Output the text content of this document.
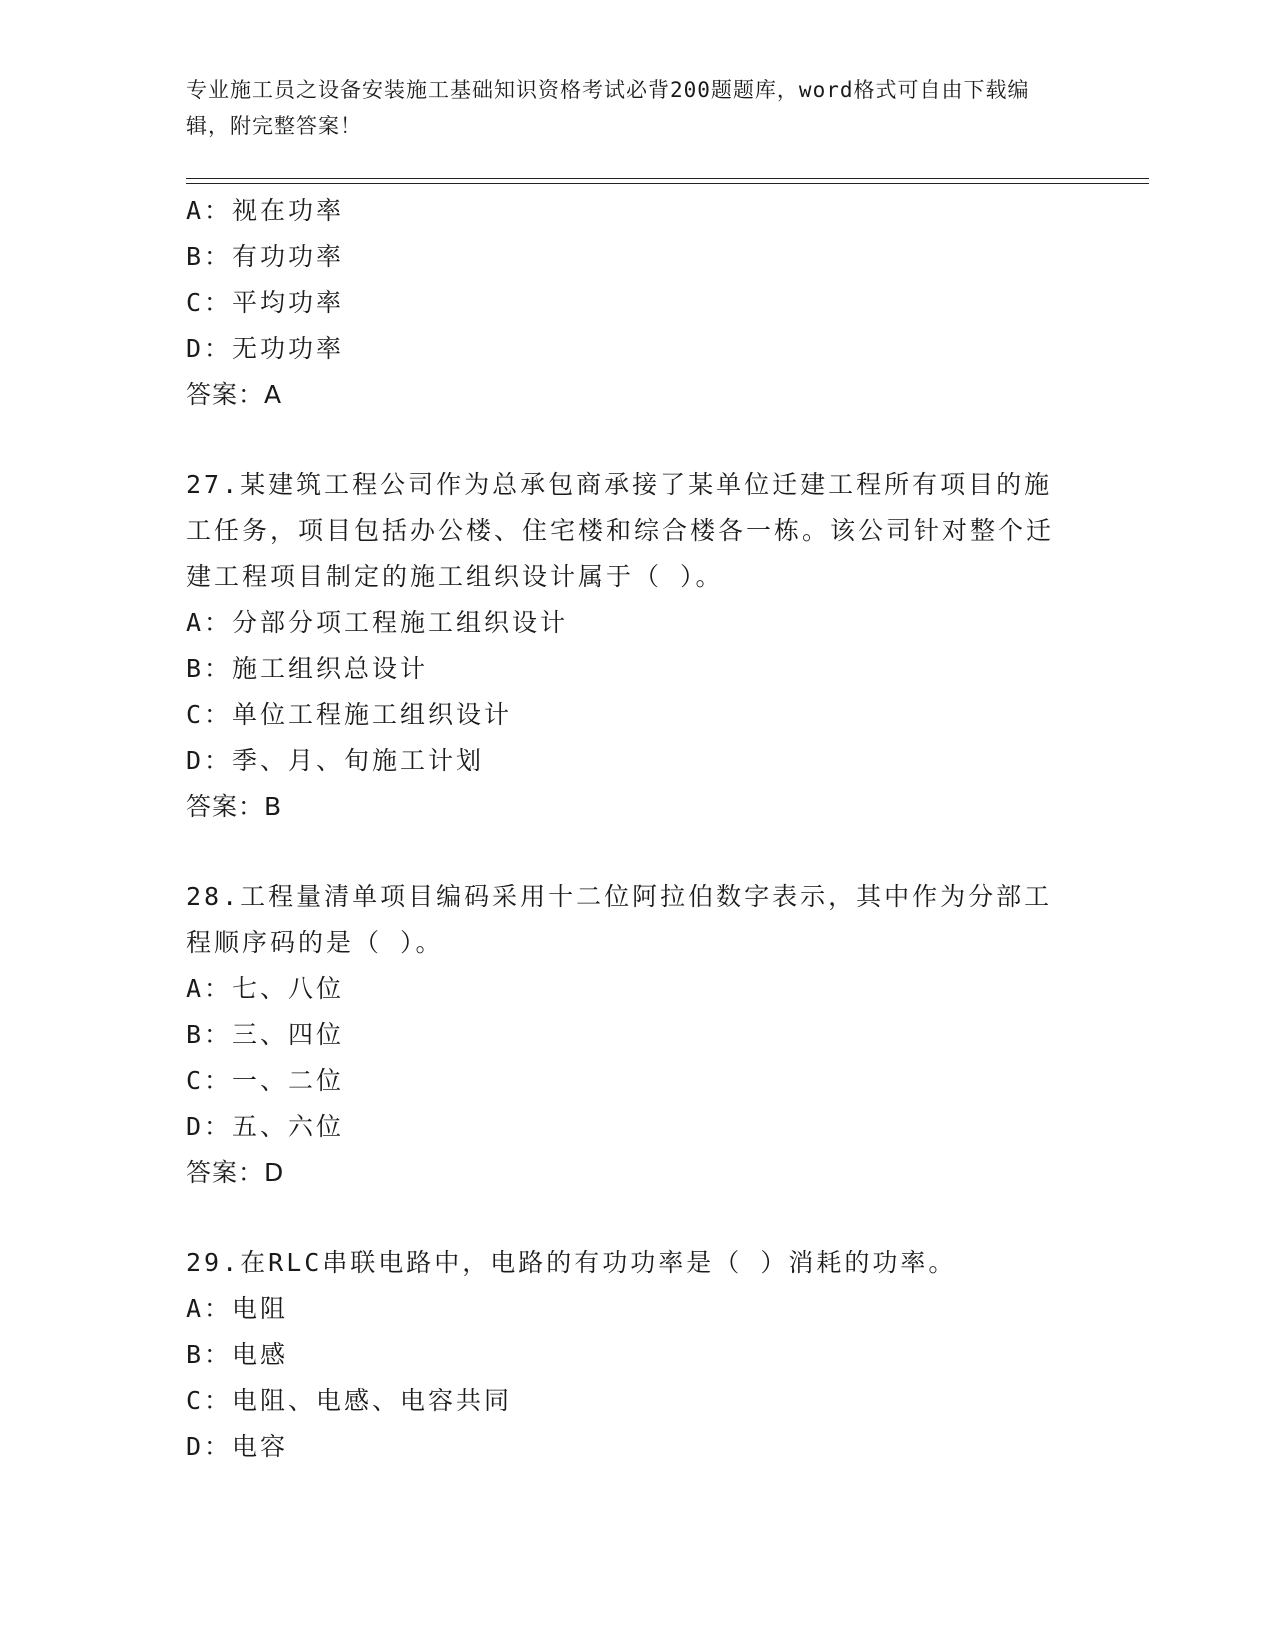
专业施工员之设备安装施工基础知识资格考试必背200题题库，word格式可自由下载编辑，附完整答案！
A：视在功率
B：有功功率
C：平均功率
D：无功功率
答案：A
27.某建筑工程公司作为总承包商承接了某单位迁建工程所有项目的施工任务，项目包括办公楼、住宅楼和综合楼各一栋。该公司针对整个迁建工程项目制定的施工组织设计属于（ ）。
A：分部分项工程施工组织设计
B：施工组织总设计
C：单位工程施工组织设计
D：季、月、旬施工计划
答案：B
28.工程量清单项目编码采用十二位阿拉伯数字表示，其中作为分部工程顺序码的是（ ）。
A：七、八位
B：三、四位
C：一、二位
D：五、六位
答案：D
29.在RLC串联电路中，电路的有功功率是（ ）消耗的功率。
A：电阻
B：电感
C：电阻、电感、电容共同
D：电容
